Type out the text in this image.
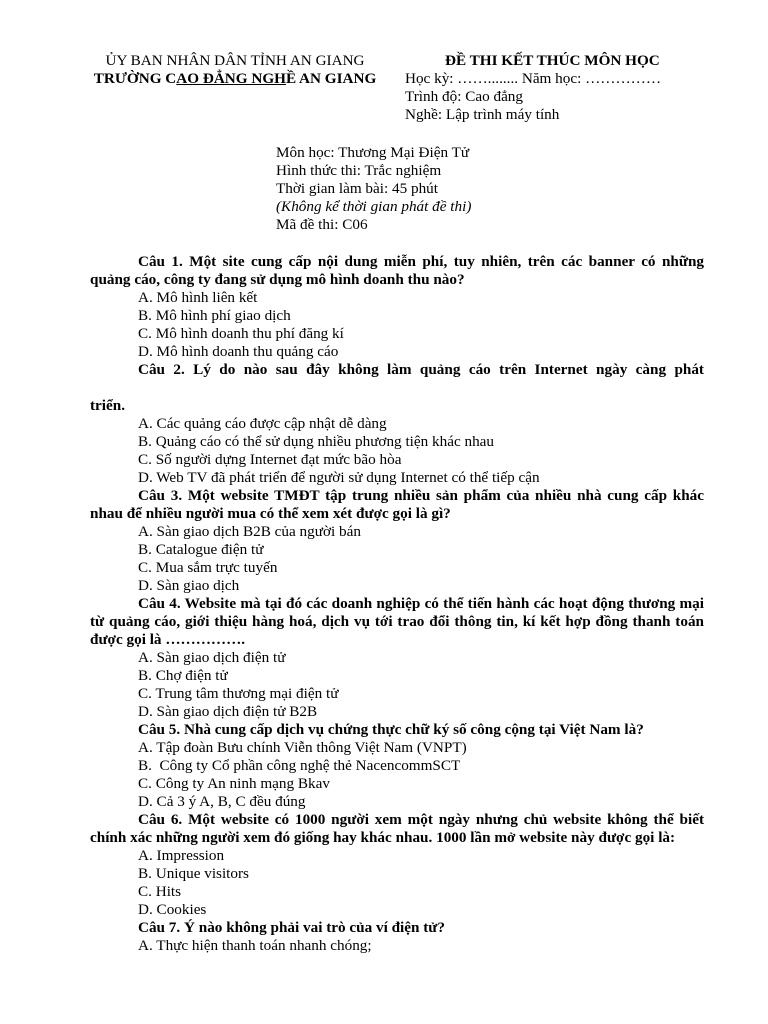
ỦY BAN NHÂN DÂN TỈNH AN GIANG
TRƯỜNG CAO ĐẲNG NGHỀ AN GIANG
ĐỀ THI KẾT THÚC MÔN HỌC
Học kỳ: ……........ Năm học: ……………
Trình độ: Cao đẳng
Nghề: Lập trình máy tính
Môn học: Thương Mại Điện Tử
Hình thức thi: Trắc nghiệm
Thời gian làm bài: 45 phút
(Không kể thời gian phát đề thi)
Mã đề thi: C06
Câu 1. Một site cung cấp nội dung miễn phí, tuy nhiên, trên các banner có những quảng cáo, công ty đang sử dụng mô hình doanh thu nào?
A. Mô hình liên kết
B. Mô hình phí giao dịch
C. Mô hình doanh thu phí đăng kí
D. Mô hình doanh thu quảng cáo
Câu 2. Lý do nào sau đây không làm quảng cáo trên Internet ngày càng phát
triển.
A. Các quảng cáo được cập nhật dễ dàng
B. Quảng cáo có thể sử dụng nhiều phương tiện khác nhau
C. Số người dựng Internet đạt mức bão hòa
D. Web TV đã phát triển để người sử dụng Internet có thể tiếp cận
Câu 3. Một website TMĐT tập trung nhiều sản phẩm của nhiều nhà cung cấp khác nhau để nhiều người mua có thể xem xét được gọi là gì?
A. Sàn giao dịch B2B của người bán
B. Catalogue điện tử
C. Mua sắm trực tuyến
D. Sàn giao dịch
Câu 4. Website mà tại đó các doanh nghiệp có thể tiến hành các hoạt động thương mại từ quảng cáo, giới thiệu hàng hoá, dịch vụ tới trao đổi thông tin, kí kết hợp đồng thanh toán được gọi là …………….
A. Sàn giao dịch điện tử
B. Chợ điện tử
C. Trung tâm thương mại điện tử
D. Sàn giao dịch điện tử B2B
Câu 5. Nhà cung cấp dịch vụ chứng thực chữ ký số công cộng tại Việt Nam là?
A. Tập đoàn Bưu chính Viễn thông Việt Nam (VNPT)
B.  Công ty Cổ phần công nghệ thẻ NacencommSCT
C. Công ty An ninh mạng Bkav
D. Cả 3 ý A, B, C đều đúng
Câu 6. Một website có 1000 người xem một ngày nhưng chủ website không thể biết chính xác những người xem đó giống hay khác nhau. 1000 lần mở website này được gọi là:
A. Impression
B. Unique visitors
C. Hits
D. Cookies
Câu 7. Ý nào không phải vai trò của ví điện tử?
A. Thực hiện thanh toán nhanh chóng;
